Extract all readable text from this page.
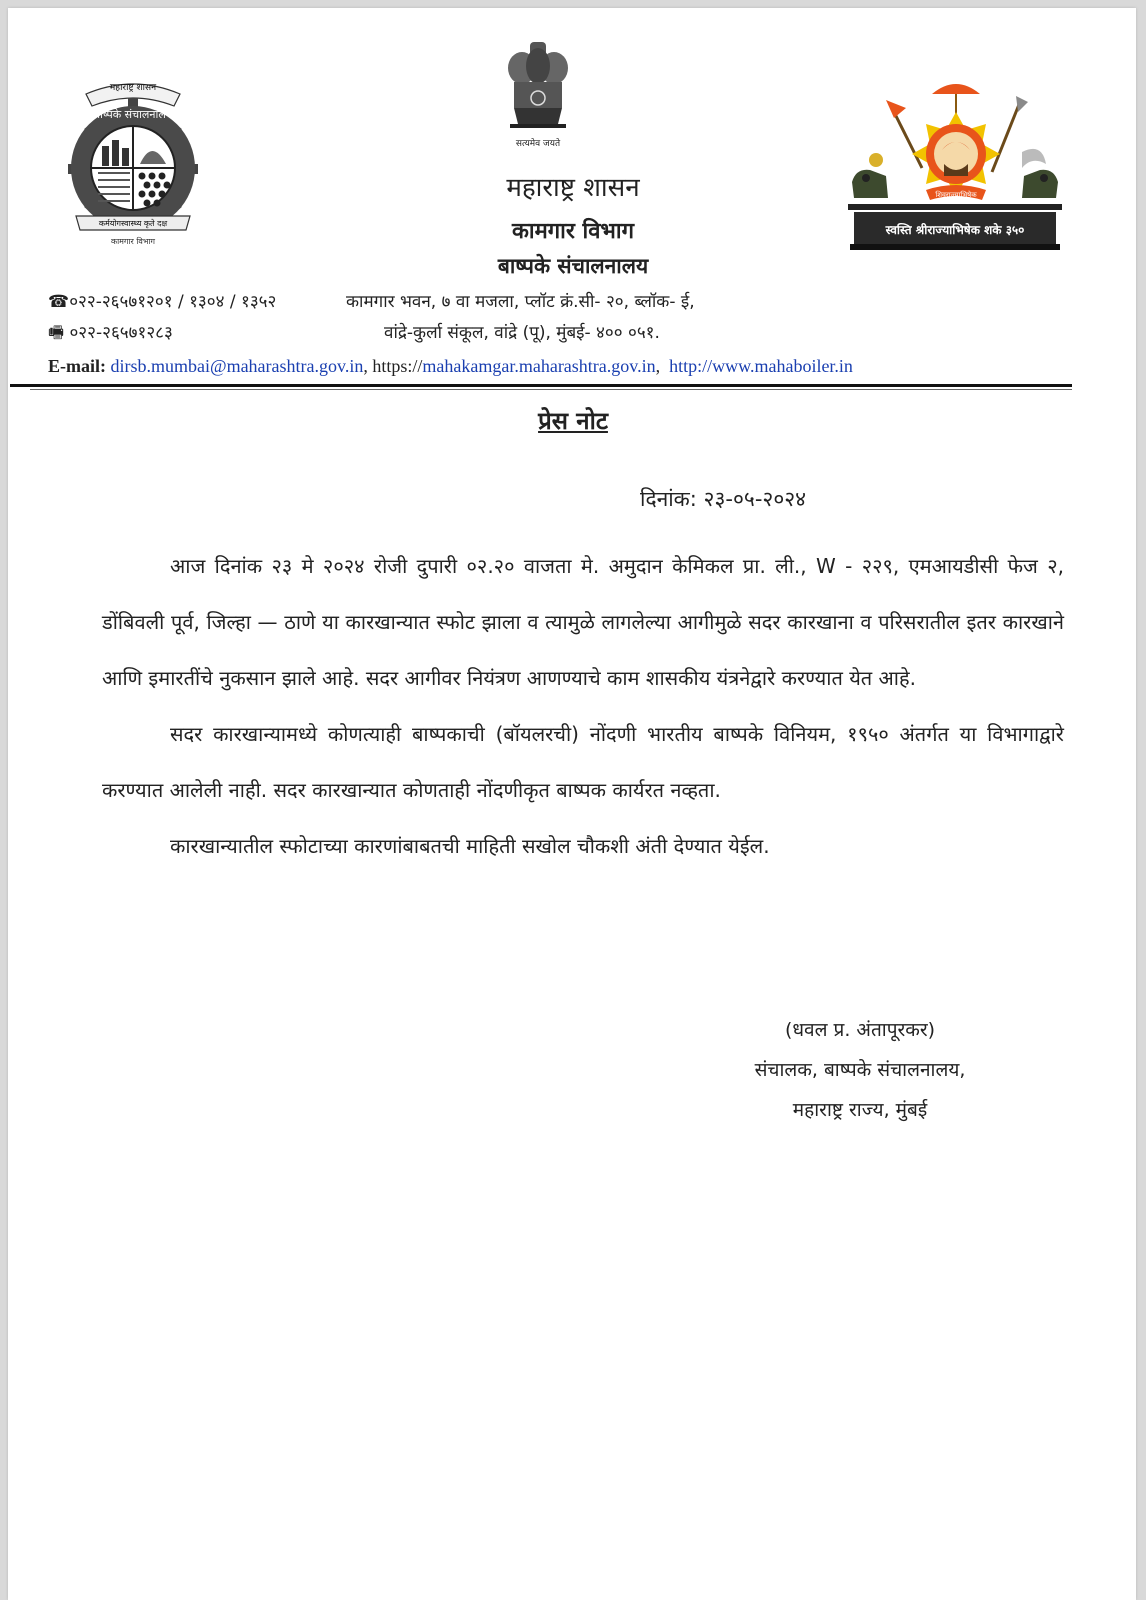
महाराष्ट्र शासन
कर्मयोगस्वास्थ्य कृते दक्ष
कामगार विभाग
बाष्पके संचालनालय
सत्यमेव जयते
शिवराज्याभिषेक
स्वस्ति श्रीराज्याभिषेक शके ३५०
महाराष्ट्र शासन
कामगार विभाग
बाष्पके संचालनालय
☎०२२-२६५७१२०१ / १३०४ / १३५२	कामगार भवन, ७ वा मजला, प्लॉट क्रं.सी- २०, ब्लॉक- ई,
🖷 ०२२-२६५७१२८३	वांद्रे-कुर्ला संकूल, वांद्रे (पू), मुंबई- ४०० ०५१.
E-mail: dirsb.mumbai@maharashtra.gov.in, https://mahakamgar.maharashtra.gov.in, http://www.mahaboiler.in
प्रेस नोट
दिनांक: २३-०५-२०२४

आज दिनांक २३ मे २०२४ रोजी दुपारी ०२.२० वाजता मे. अमुदान केमिकल प्रा. ली., W - २२९, एमआयडीसी फेज २, डोंबिवली पूर्व, जिल्हा — ठाणे या कारखान्यात स्फोट झाला व त्यामुळे लागलेल्या आगीमुळे सदर कारखाना व परिसरातील इतर कारखाने आणि इमारतींचे नुकसान झाले आहे. सदर आगीवर नियंत्रण आणण्याचे काम शासकीय यंत्रनेद्वारे करण्यात येत आहे.

सदर कारखान्यामध्ये कोणत्याही बाष्पकाची (बॉयलरची) नोंदणी भारतीय बाष्पके विनियम, १९५० अंतर्गत या विभागाद्वारे करण्यात आलेली नाही. सदर कारखान्यात कोणताही नोंदणीकृत बाष्पक कार्यरत नव्हता.

कारखान्यातील स्फोटाच्या कारणांबाबतची माहिती सखोल चौकशी अंती देण्यात येईल.

(धवल प्र. अंतापूरकर)
संचालक, बाष्पके संचालनालय,
महाराष्ट्र राज्य, मुंबई
